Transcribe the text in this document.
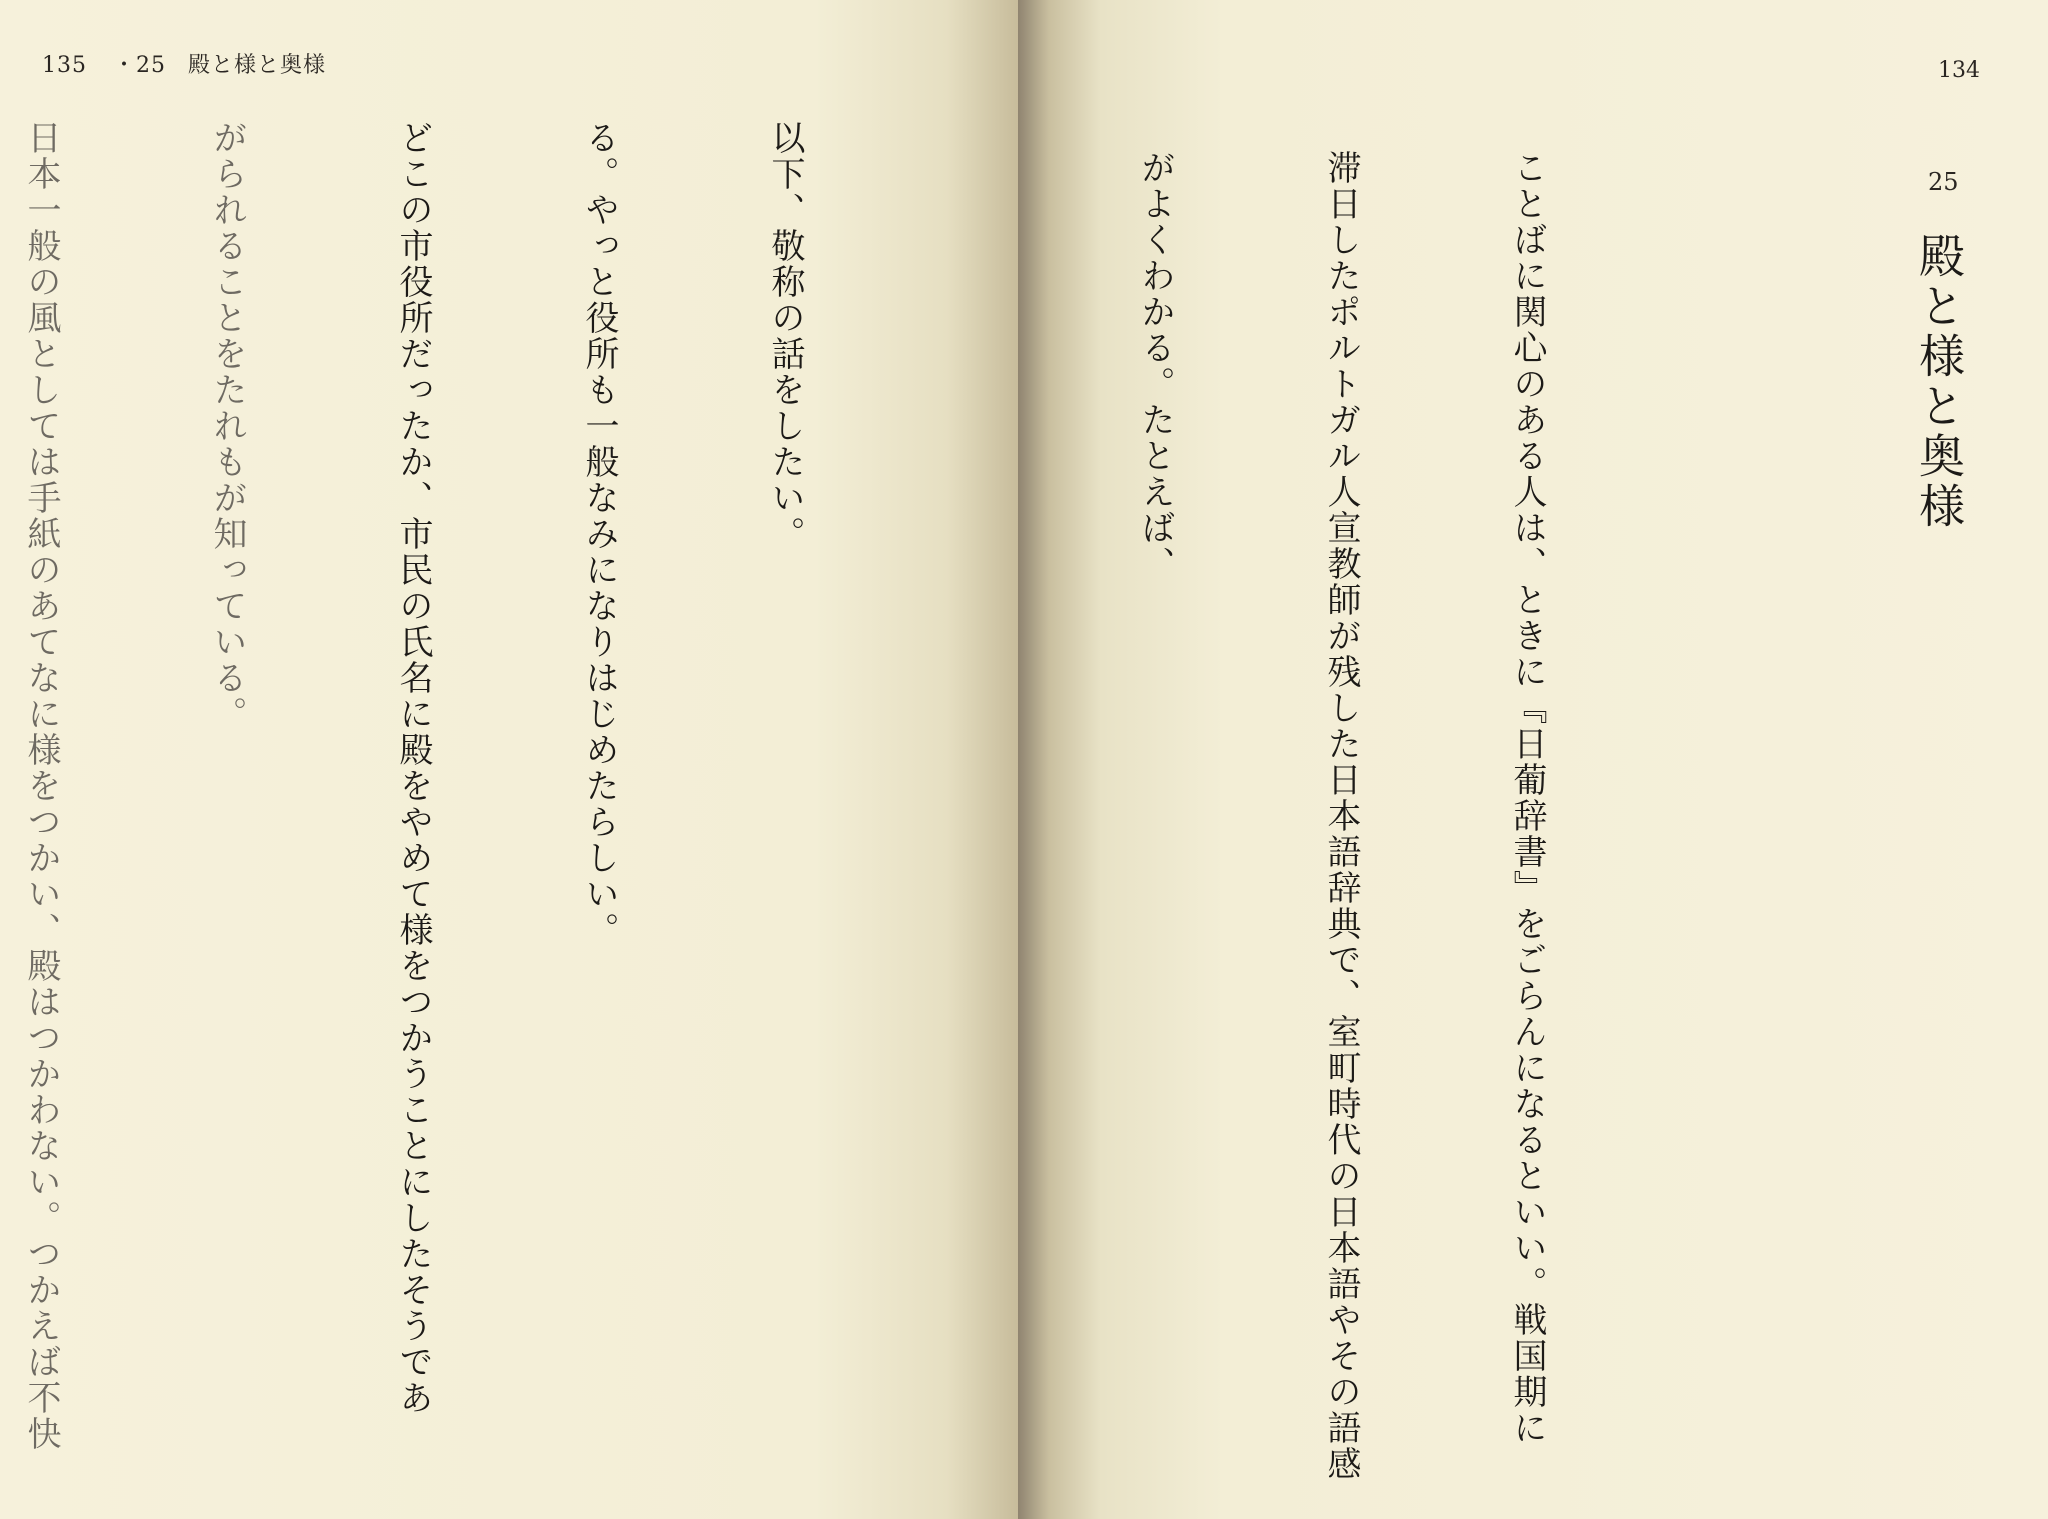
135 ・25 殿と様と奥様

以下、敬称の話をしたい。

る。やっと役所も一般なみになりはじめたらしい。

どこの市役所だったか、市民の氏名に殿をやめて様をつかうことにしたそうであ

がられることをたれもが知っている。

日本一般の風としては手紙のあてなに様をつかい、殿はつかわない。つかえば不快

134
25
殿と様と奥様

ことばに関心のある人は、ときに『日葡辞書』をごらんになるといい。戦国期に

滞日したポルトガル人宣教師が残した日本語辞典で、室町時代の日本語やその語感

がよくわかる。たとえば、
